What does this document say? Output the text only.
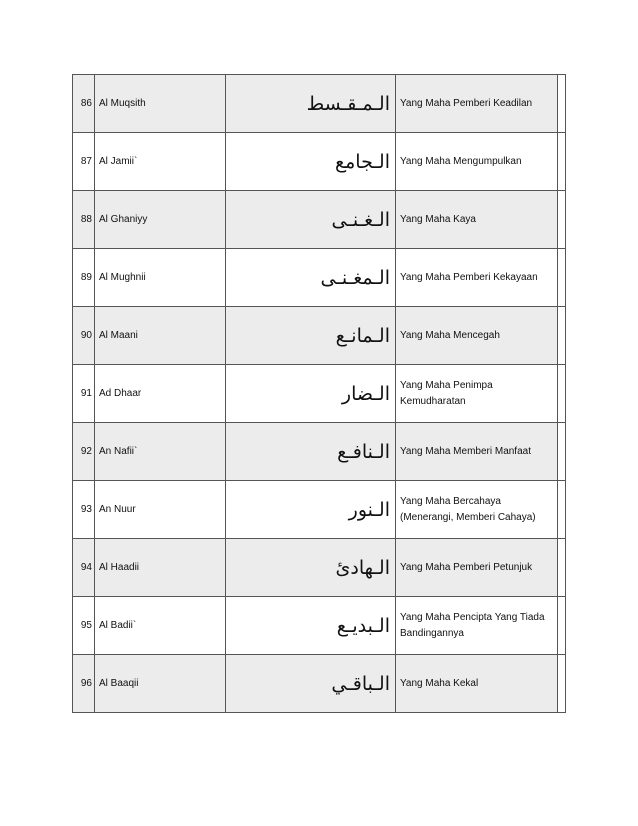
86	Al Muqsith	الـمـقـسط	Yang Maha Pemberi Keadilan	
87	Al Jamii`	الـجامع	Yang Maha Mengumpulkan	
88	Al Ghaniyy	الـغـنـى	Yang Maha Kaya	
89	Al Mughnii	الـمغـنـى	Yang Maha Pemberi Kekayaan	
90	Al Maani	الـمانـع	Yang Maha Mencegah	
91	Ad Dhaar	الـضار	Yang Maha Penimpa Kemudharatan	
92	An Nafii`	الـنافـع	Yang Maha Memberi Manfaat	
93	An Nuur	الـنور	Yang Maha Bercahaya (Menerangi, Memberi Cahaya)	
94	Al Haadii	الـهادئ	Yang Maha Pemberi Petunjuk	
95	Al Badii`	الـبديـع	Yang Maha Pencipta Yang Tiada Bandingannya	
96	Al Baaqii	الـباقـي	Yang Maha Kekal	
